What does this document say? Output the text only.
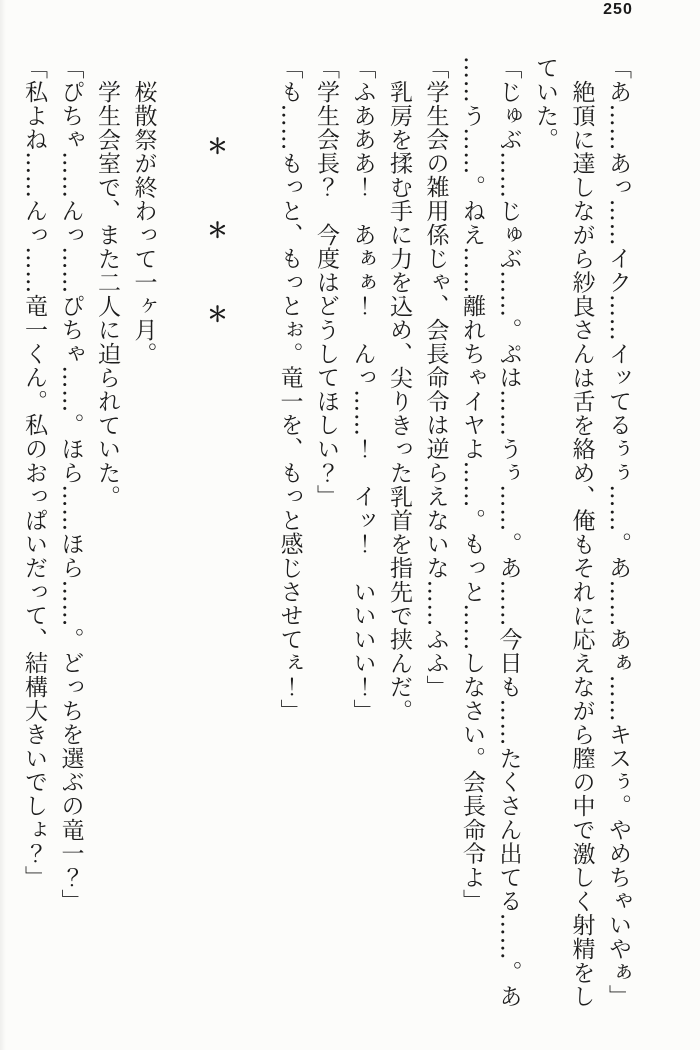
250
「あ……あっ……イク……イッてるぅぅ……。あ……あぁ……キスぅ。やめちゃいやぁ」
絶頂に達しながら紗良さんは舌を絡め、俺もそれに応えながら膣の中で激しく射精をし
ていた。
「じゅぶ……じゅぶ……。ぷは……うぅ……。あ……今日も……たくさん出てる……。あ
……う……。ねえ……離れちゃイヤよ……。もっと……しなさい。会長命令よ」
「学生会の雑用係じゃ、会長命令は逆らえないな……ふふ」
乳房を揉む手に力を込め、尖りきった乳首を指先で挟んだ。
「ふあああ！　あぁぁ！　んっ……！　イッ！　いいいい！」
「学生会長？　今度はどうしてほしい？」
「も……もっと、もっとぉ。竜一を、もっと感じさせてぇ！」
＊　　　＊　　　＊
桜散祭が終わって一ヶ月。
学生会室で、また二人に迫られていた。
「ぴちゃ……んっ……ぴちゃ……。ほら……ほら……。どっちを選ぶの竜一？」
「私よね……んっ……竜一くん。私のおっぱいだって、結構大きいでしょ？」
